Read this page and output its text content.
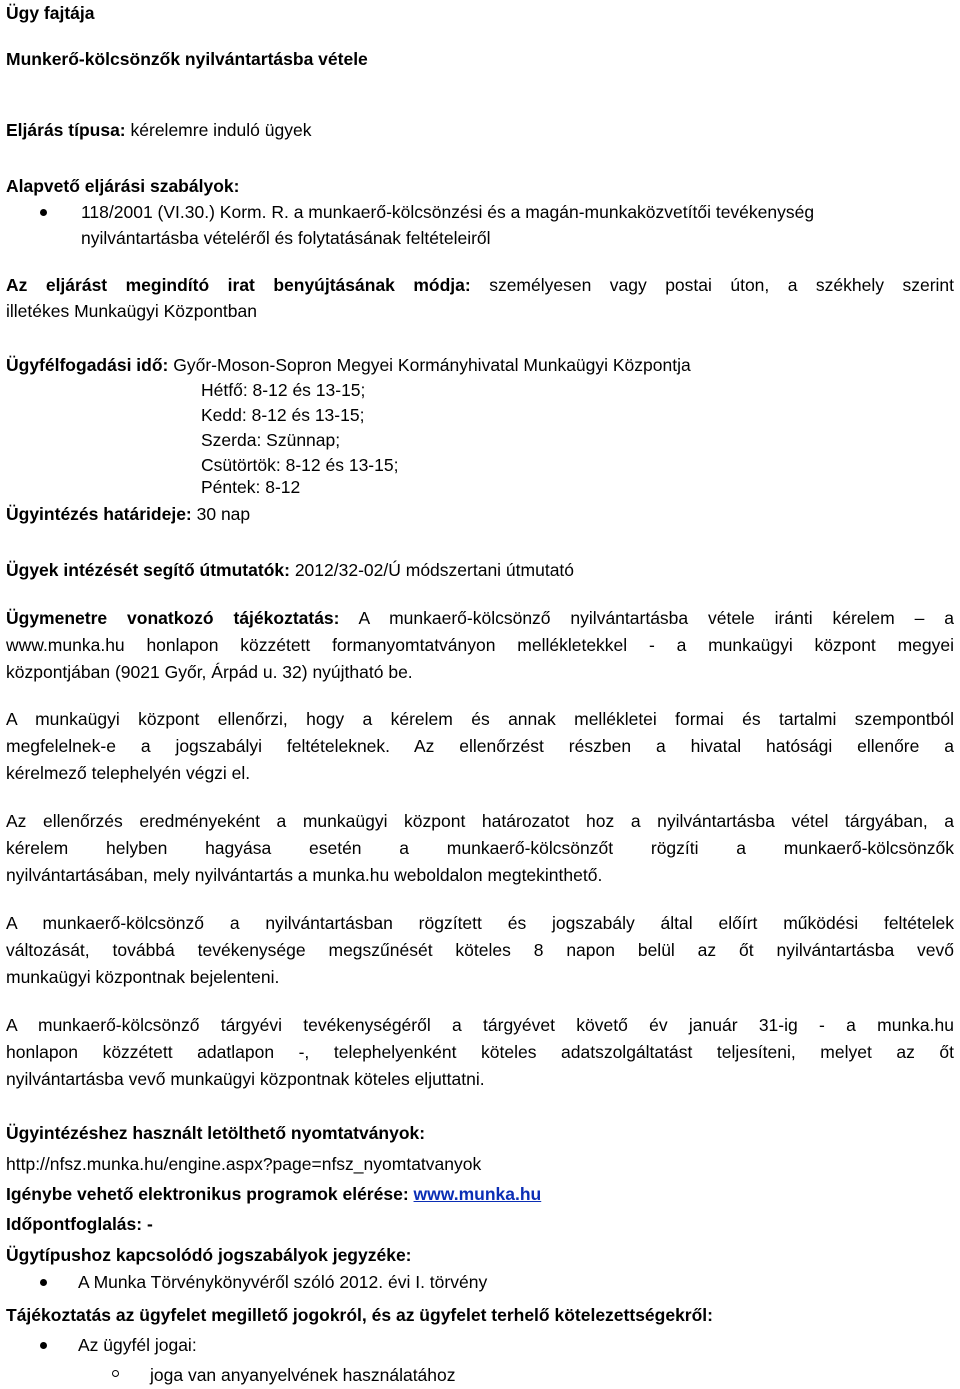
Ügy fajtája
Munkerő-kölcsönzők nyilvántartásba vétele
Eljárás típusa: kérelemre induló ügyek
Alapvető eljárási szabályok:
118/2001 (VI.30.) Korm. R. a munkaerő-kölcsönzési és a magán-munkaközvetítői tevékenység
nyilvántartásba vételéről és folytatásának feltételeiről
Az eljárást megindító irat benyújtásának módja: személyesen vagy postai úton, a székhely szerint
illetékes Munkaügyi Központban
Ügyfélfogadási idő: Győr-Moson-Sopron Megyei Kormányhivatal Munkaügyi Központja
Hétfő: 8-12 és 13-15;
Kedd: 8-12 és 13-15;
Szerda: Szünnap;
Csütörtök: 8-12 és 13-15;
Péntek: 8-12
Ügyintézés határideje: 30 nap
Ügyek intézését segítő útmutatók: 2012/32-02/Ú módszertani útmutató
Ügymenetre vonatkozó tájékoztatás: A munkaerő-kölcsönző nyilvántartásba vétele iránti kérelem – a
www.munka.hu honlapon közzétett formanyomtatványon mellékletekkel - a munkaügyi központ megyei
központjában (9021 Győr, Árpád u. 32) nyújtható be.
A munkaügyi központ ellenőrzi, hogy a kérelem és annak mellékletei formai és tartalmi szempontból
megfelelnek-e a jogszabályi feltételeknek. Az ellenőrzést részben a hivatal hatósági ellenőre a
kérelmező telephelyén végzi el.
Az ellenőrzés eredményeként a munkaügyi központ határozatot hoz a nyilvántartásba vétel tárgyában, a
kérelem helyben hagyása esetén a munkaerő-kölcsönzőt rögzíti a munkaerő-kölcsönzők
nyilvántartásában, mely nyilvántartás a munka.hu weboldalon megtekinthető.
A munkaerő-kölcsönző a nyilvántartásban rögzített és jogszabály által előírt működési feltételek
változását, továbbá tevékenysége megszűnését köteles 8 napon belül az őt nyilvántartásba vevő
munkaügyi központnak bejelenteni.
A munkaerő-kölcsönző tárgyévi tevékenységéről a tárgyévet követő év január 31-ig - a munka.hu
honlapon közzétett adatlapon -, telephelyenként köteles adatszolgáltatást teljesíteni, melyet az őt
nyilvántartásba vevő munkaügyi központnak köteles eljuttatni.
Ügyintézéshez használt letölthető nyomtatványok:
http://nfsz.munka.hu/engine.aspx?page=nfsz_nyomtatvanyok
Igénybe vehető elektronikus programok elérése: www.munka.hu
Időpontfoglalás: -
Ügytípushoz kapcsolódó jogszabályok jegyzéke:
A Munka Törvénykönyvéről szóló 2012. évi I. törvény
Tájékoztatás az ügyfelet megillető jogokról, és az ügyfelet terhelő kötelezettségekről:
Az ügyfél jogai:
joga van anyanyelvének használatához
